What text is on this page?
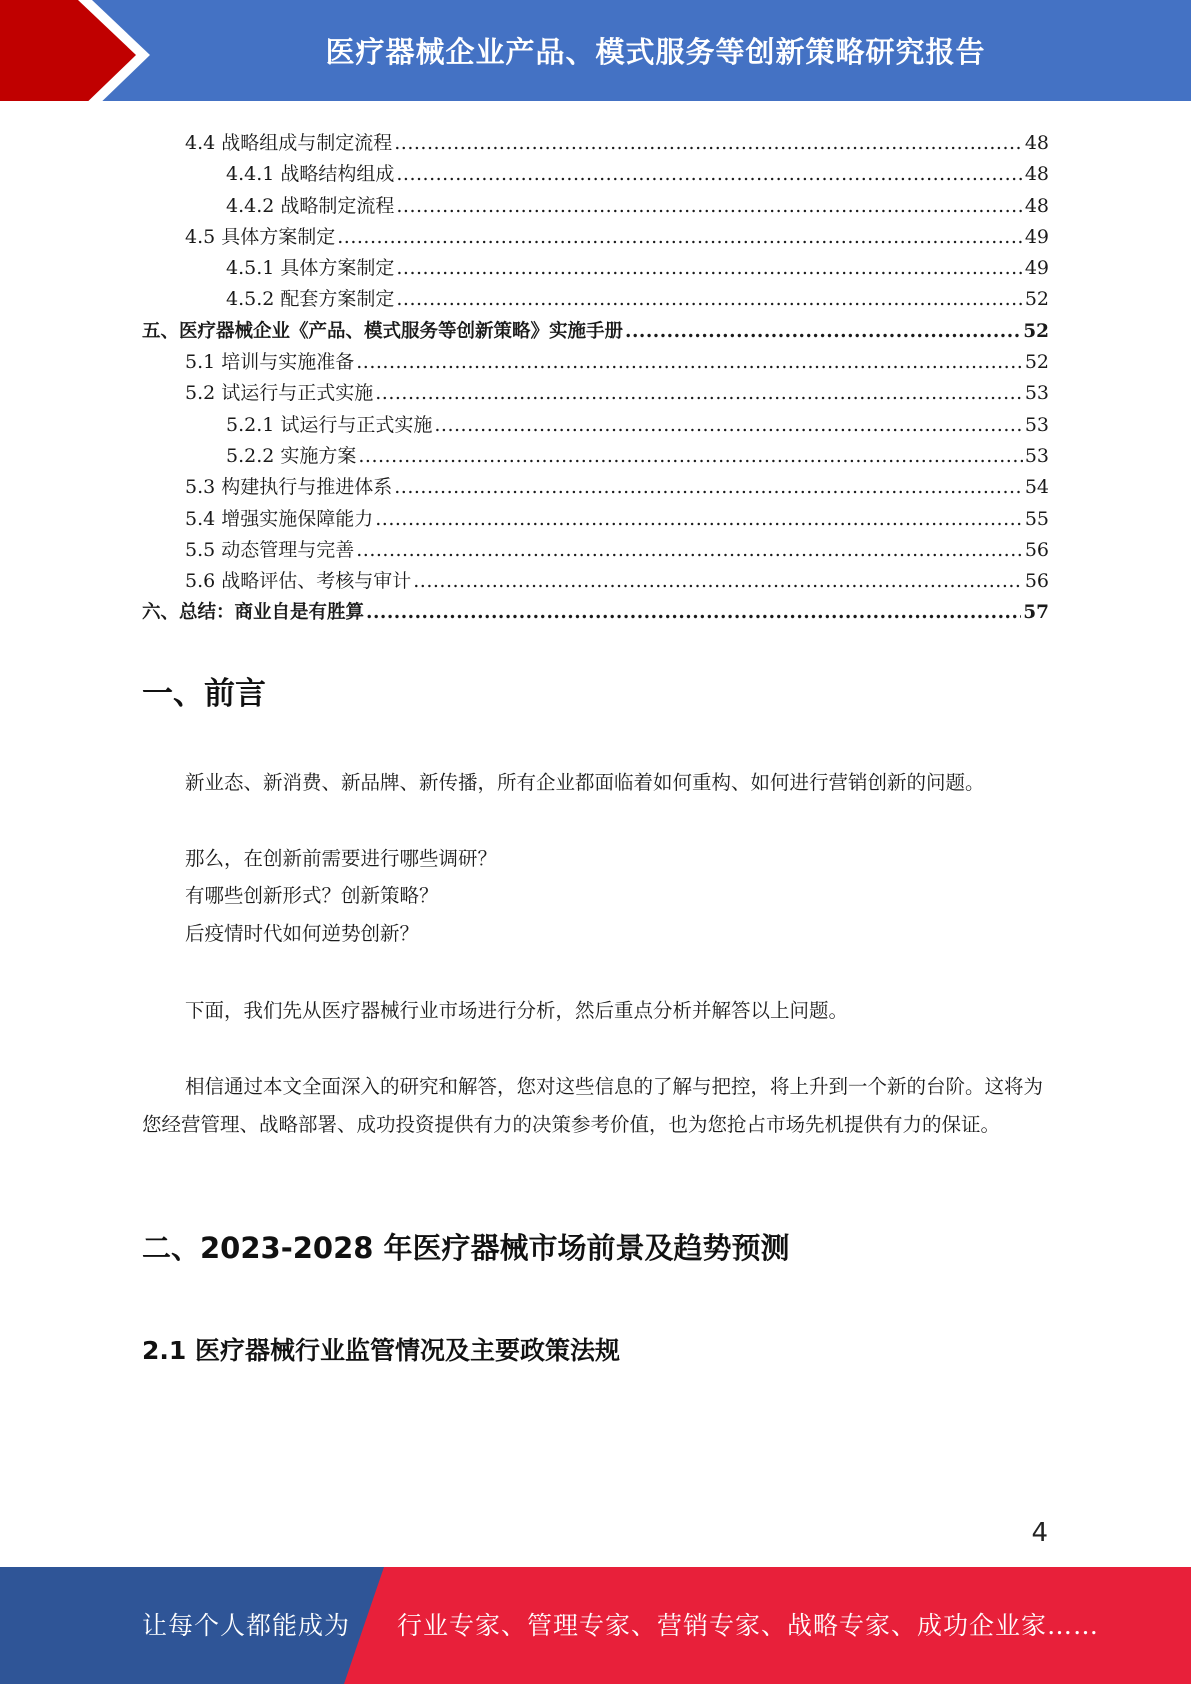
医疗器械企业产品、模式服务等创新策略研究报告
4.4 战略组成与制定流程 .....	48
4.4.1 战略结构组成 .....	48
4.4.2 战略制定流程 .....	48
4.5 具体方案制定 .....	49
4.5.1 具体方案制定 .....	49
4.5.2 配套方案制定 .....	52
五、医疗器械企业《产品、模式服务等创新策略》实施手册 .....	52
5.1 培训与实施准备 .....	52
5.2 试运行与正式实施 .....	53
5.2.1 试运行与正式实施 .....	53
5.2.2 实施方案 .....	53
5.3 构建执行与推进体系 .....	54
5.4 增强实施保障能力 .....	55
5.5 动态管理与完善 .....	56
5.6 战略评估、考核与审计 .....	56
六、总结：商业自是有胜算 .....	57
一、前言

新业态、新消费、新品牌、新传播，所有企业都面临着如何重构、如何进行营销创新的问题。

那么，在创新前需要进行哪些调研？

有哪些创新形式？创新策略？

后疫情时代如何逆势创新？

下面，我们先从医疗器械行业市场进行分析，然后重点分析并解答以上问题。

相信通过本文全面深入的研究和解答，您对这些信息的了解与把控，将上升到一个新的台阶。这将为您经营管理、战略部署、成功投资提供有力的决策参考价值，也为您抢占市场先机提供有力的保证。

二、2023-2028 年医疗器械市场前景及趋势预测
2.1 医疗器械行业监管情况及主要政策法规
4
让每个人都能成为 行业专家、管理专家、营销专家、战略专家、成功企业家……
